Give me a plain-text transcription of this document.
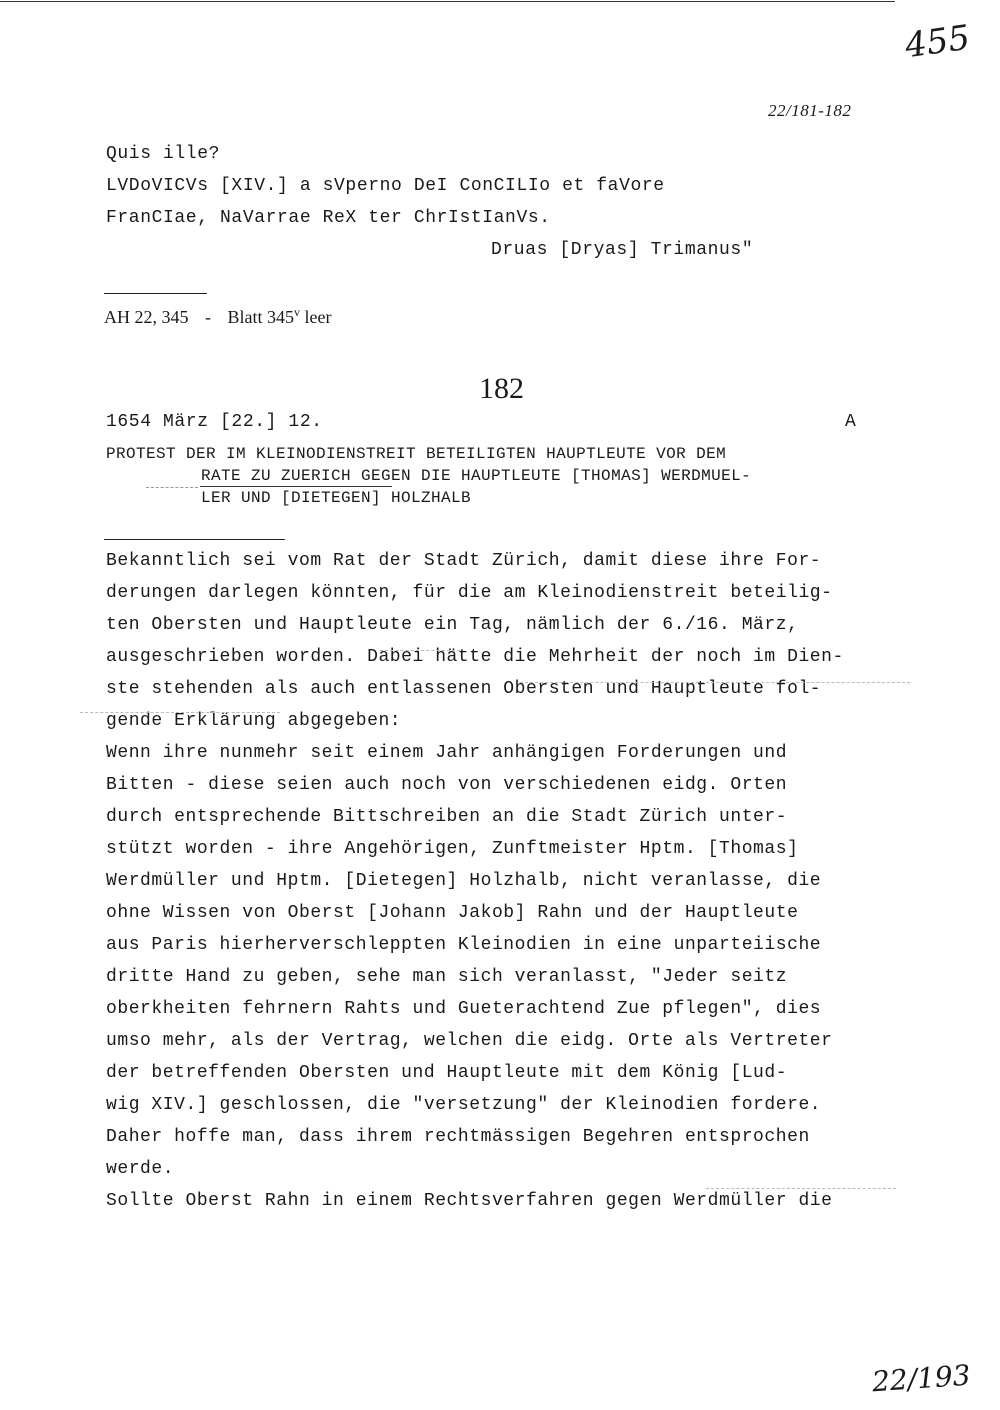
455
22/181-182
Quis ille?
LVDoVICVs [XIV.] a sVperno DeI ConCILIo et faVore
FranCIae, NaVarrae ReX ter ChrIstIanVs.
Druas [Dryas] Trimanus"
AH 22, 345 - Blatt 345$^v$ leer
182
1654 März [22.] 12.	A
PROTEST DER IM KLEINODIENSTREIT BETEILIGTEN HAUPTLEUTE VOR DEM
RATE ZU ZUERICH GEGEN DIE HAUPTLEUTE [THOMAS] WERDMUEL-
LER UND [DIETEGEN] HOLZHALB
Bekanntlich sei vom Rat der Stadt Zürich, damit diese ihre For-
derungen darlegen könnten, für die am Kleinodienstreit beteilig-
ten Obersten und Hauptleute ein Tag, nämlich der 6./16. März,
ausgeschrieben worden. Dabei hätte die Mehrheit der noch im Dien-
ste stehenden als auch entlassenen Obersten und Hauptleute fol-
gende Erklärung abgegeben:
Wenn ihre nunmehr seit einem Jahr anhängigen Forderungen und
Bitten - diese seien auch noch von verschiedenen eidg. Orten
durch entsprechende Bittschreiben an die Stadt Zürich unter-
stützt worden - ihre Angehörigen, Zunftmeister Hptm. [Thomas]
Werdmüller und Hptm. [Dietegen] Holzhalb, nicht veranlasse, die
ohne Wissen von Oberst [Johann Jakob] Rahn und der Hauptleute
aus Paris hierherverschleppten Kleinodien in eine unparteiische
dritte Hand zu geben, sehe man sich veranlasst, "Jeder seitz
oberkheiten fehrnern Rahts und Gueterachtend Zue pflegen", dies
umso mehr, als der Vertrag, welchen die eidg. Orte als Vertreter
der betreffenden Obersten und Hauptleute mit dem König [Lud-
wig XIV.] geschlossen, die "versetzung" der Kleinodien fordere.
Daher hoffe man, dass ihrem rechtmässigen Begehren entsprochen
werde.
Sollte Oberst Rahn in einem Rechtsverfahren gegen Werdmüller die
22/193
